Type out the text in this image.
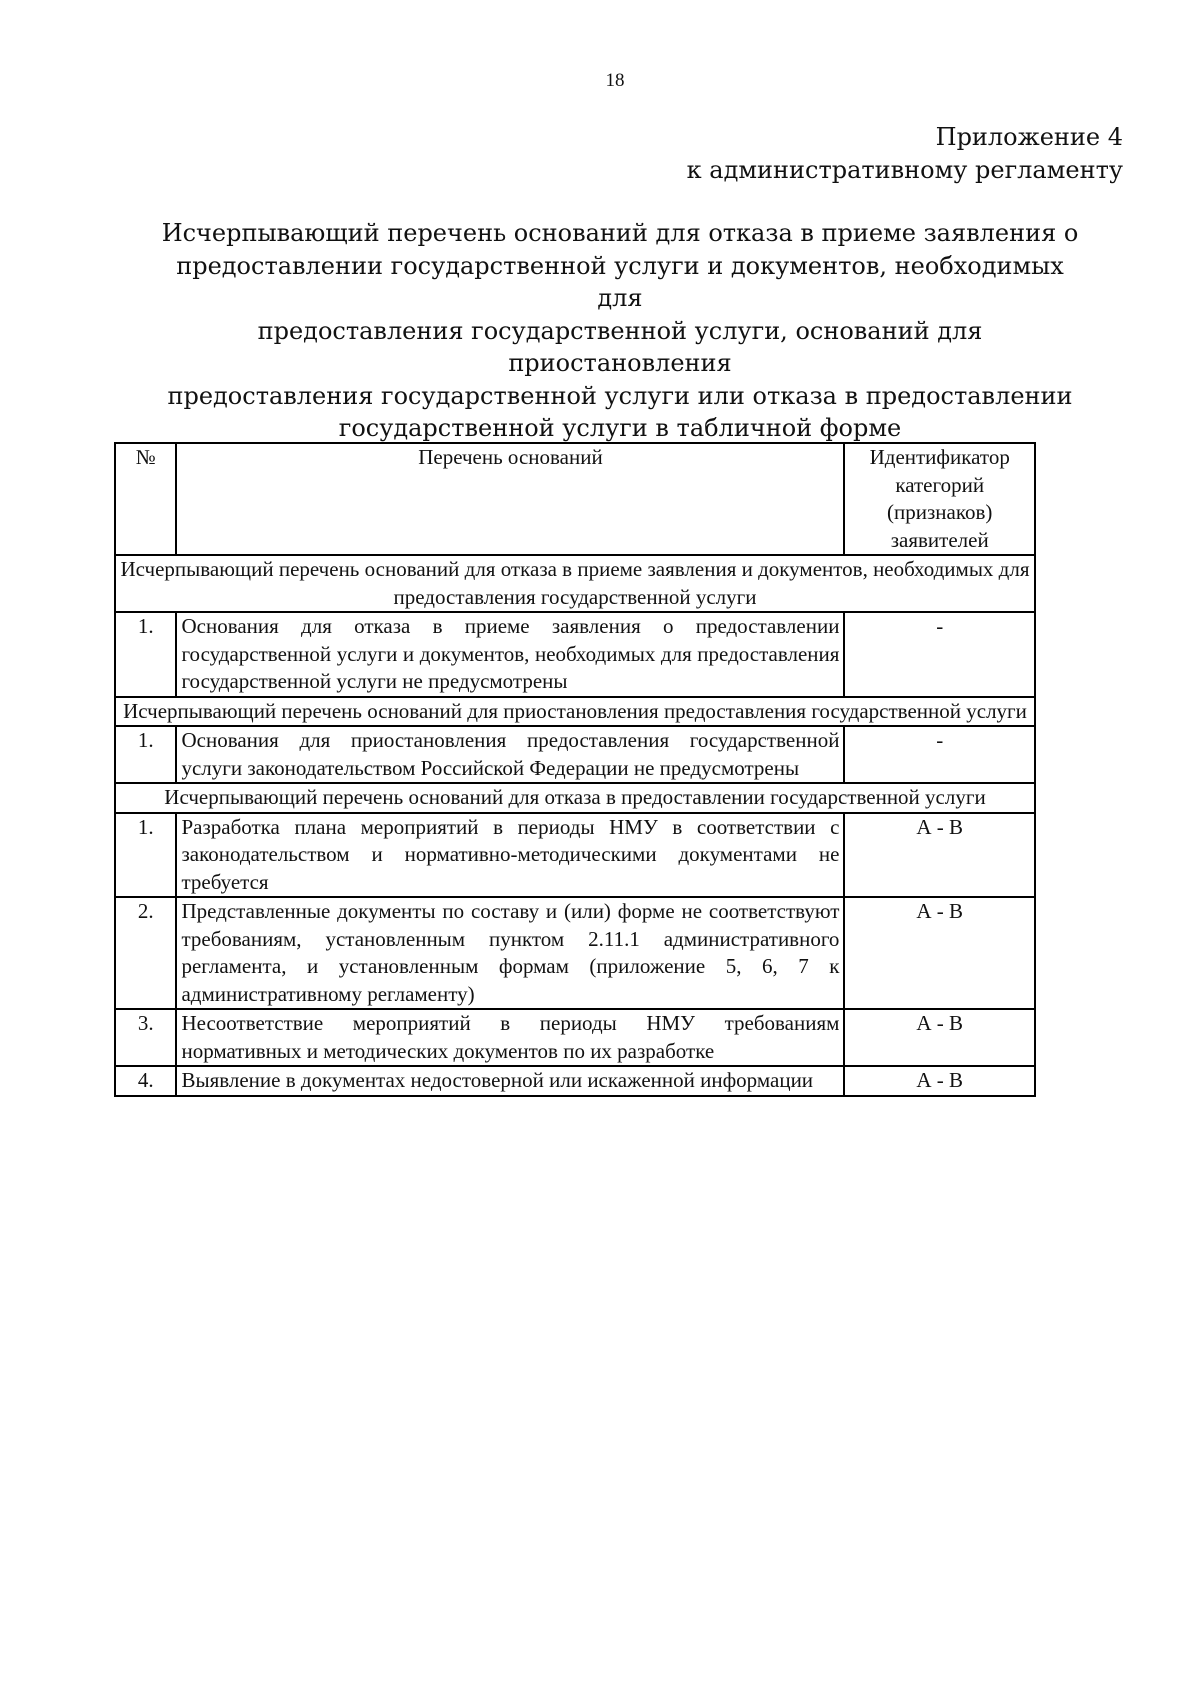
18
Приложение 4
к административному регламенту
Исчерпывающий перечень оснований для отказа в приеме заявления о
предоставлении государственной услуги и документов, необходимых для
предоставления государственной услуги, оснований для приостановления
предоставления государственной услуги или отказа в предоставлении
государственной услуги в табличной форме
№	Перечень оснований	Идентификатор
категорий
(признаков)
заявителей

Исчерпывающий перечень оснований для отказа в приеме заявления и документов, необходимых для предоставления государственной услуги		
1.	Основания для отказа в приеме заявления о предоставлении государственной услуги и документов, необходимых для предоставления государственной услуги не предусмотрены	-
Исчерпывающий перечень оснований для приостановления предоставления государственной услуги		
1.	Основания для приостановления предоставления государственной услуги законодательством Российской Федерации не предусмотрены	-
Исчерпывающий перечень оснований для отказа в предоставлении государственной услуги		
1.	Разработка плана мероприятий в периоды НМУ в соответствии с законодательством и нормативно-методическими документами не требуется	А - В
2.	Представленные документы по составу и (или) форме не соответствуют требованиям, установленным пунктом 2.11.1 административного регламента, и установленным формам (приложение 5, 6, 7 к административному регламенту)	А - В
3.	Несоответствие мероприятий в периоды НМУ требованиям нормативных и методических документов по их разработке	А - В
4.	Выявление в документах недостоверной или искаженной информации	А - В
